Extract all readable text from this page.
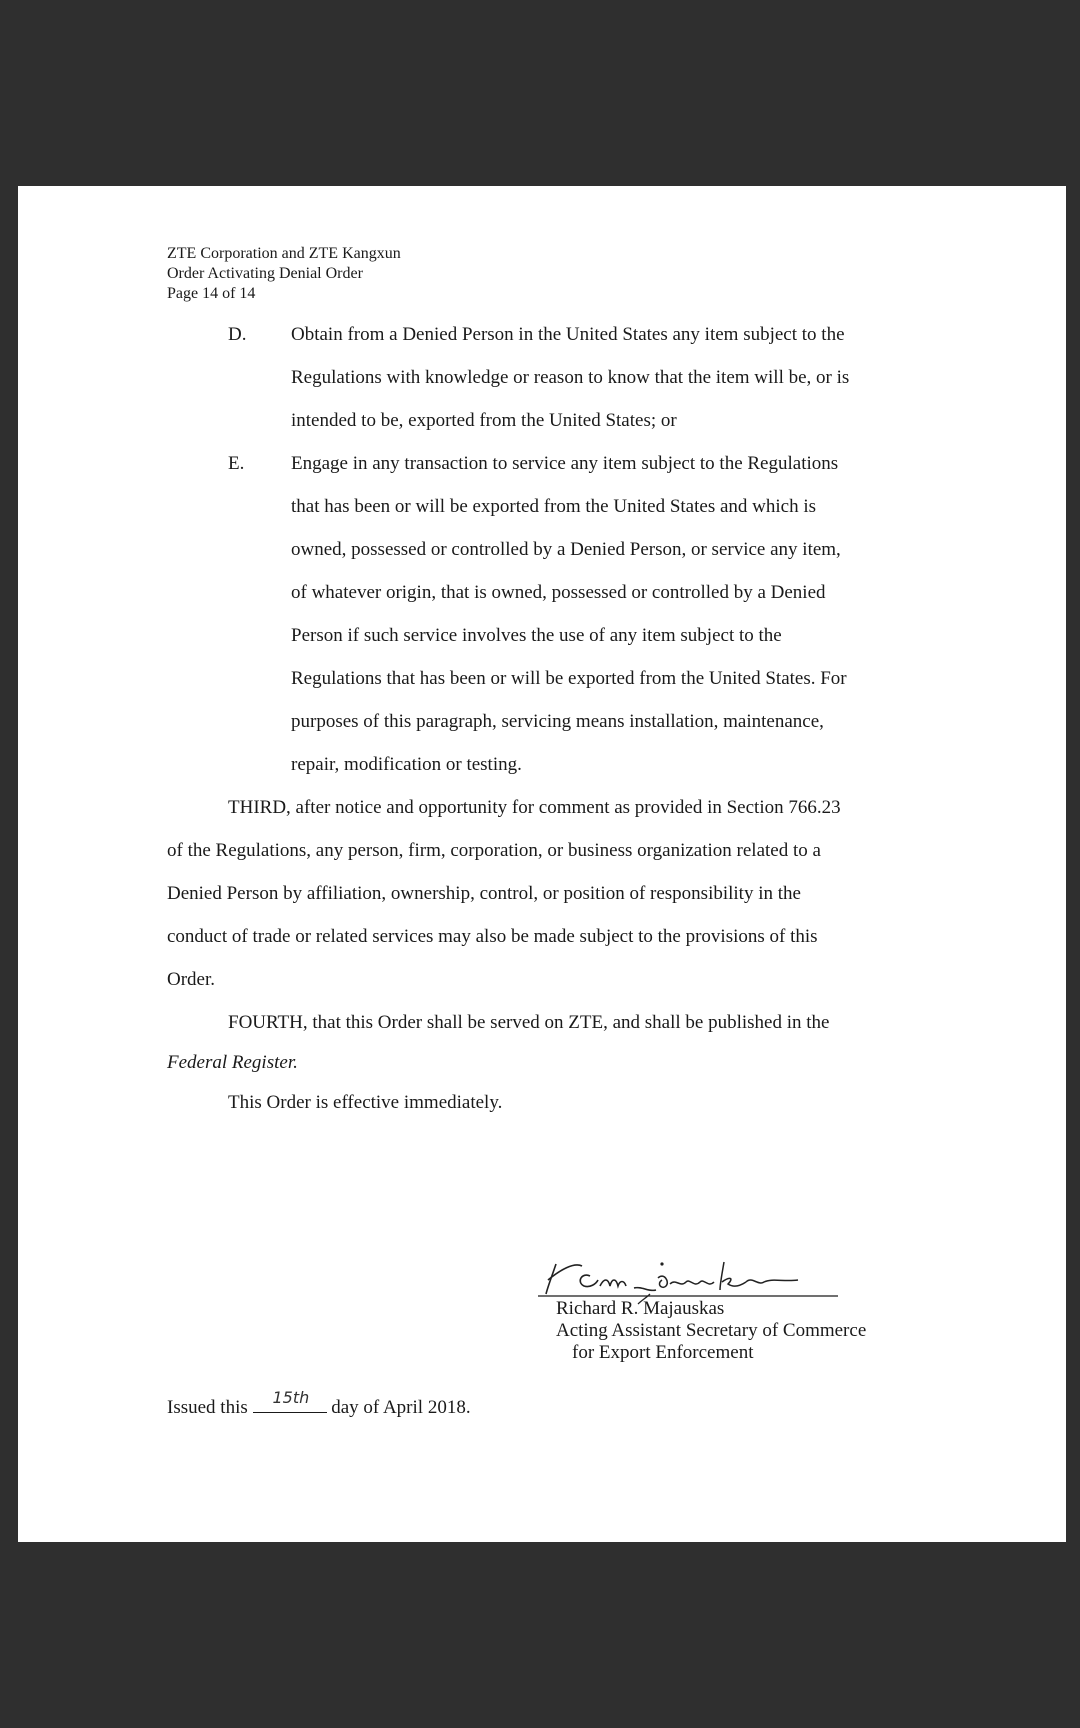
ZTE Corporation and ZTE Kangxun
Order Activating Denial Order
Page 14 of 14
D. Obtain from a Denied Person in the United States any item subject to the
Regulations with knowledge or reason to know that the item will be, or is
intended to be, exported from the United States; or
E. Engage in any transaction to service any item subject to the Regulations
that has been or will be exported from the United States and which is
owned, possessed or controlled by a Denied Person, or service any item,
of whatever origin, that is owned, possessed or controlled by a Denied
Person if such service involves the use of any item subject to the
Regulations that has been or will be exported from the United States. For
purposes of this paragraph, servicing means installation, maintenance,
repair, modification or testing.
THIRD, after notice and opportunity for comment as provided in Section 766.23
of the Regulations, any person, firm, corporation, or business organization related to a
Denied Person by affiliation, ownership, control, or position of responsibility in the
conduct of trade or related services may also be made subject to the provisions of this
Order.
FOURTH, that this Order shall be served on ZTE, and shall be published in the
Federal Register.
This Order is effective immediately.
Richard R. Majauskas
Acting Assistant Secretary of Commerce
for Export Enforcement
Issued this 15th day of April 2018.
